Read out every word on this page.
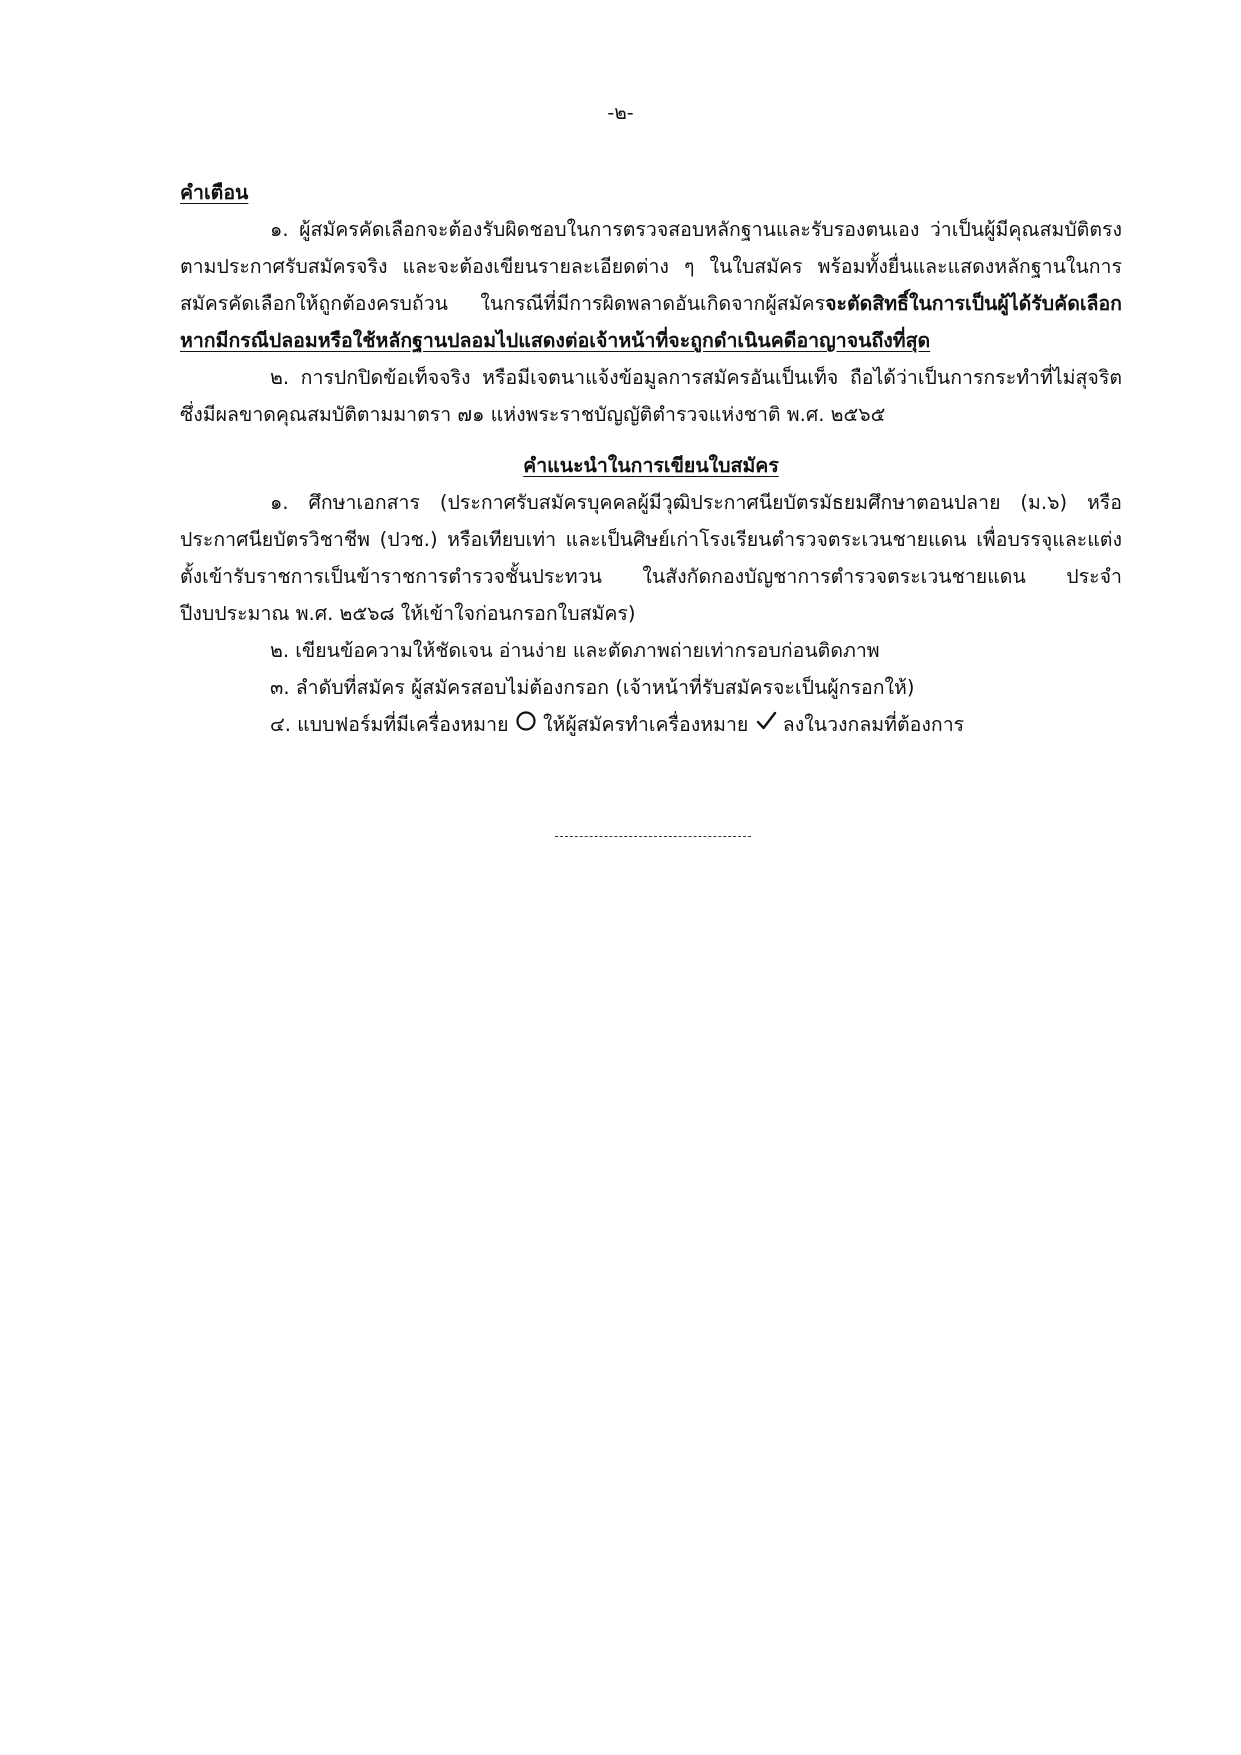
-๒-

คำเตือน

๑. ผู้สมัครคัดเลือกจะต้องรับผิดชอบในการตรวจสอบหลักฐานและรับรองตนเอง ว่าเป็นผู้มีคุณสมบัติตรงตามประกาศรับสมัครจริง และจะต้องเขียนรายละเอียดต่าง ๆ ในใบสมัคร พร้อมทั้งยื่นและแสดงหลักฐานในการสมัครคัดเลือกให้ถูกต้องครบถ้วน ในกรณีที่มีการผิดพลาดอันเกิดจากผู้สมัครจะตัดสิทธิ์ในการเป็นผู้ได้รับคัดเลือก หากมีกรณีปลอมหรือใช้หลักฐานปลอมไปแสดงต่อเจ้าหน้าที่จะถูกดำเนินคดีอาญาจนถึงที่สุด

๒. การปกปิดข้อเท็จจริง หรือมีเจตนาแจ้งข้อมูลการสมัครอันเป็นเท็จ ถือได้ว่าเป็นการกระทำที่ไม่สุจริต ซึ่งมีผลขาดคุณสมบัติตามมาตรา ๗๑ แห่งพระราชบัญญัติตำรวจแห่งชาติ พ.ศ. ๒๕๖๕

คำแนะนำในการเขียนใบสมัคร

๑. ศึกษาเอกสาร (ประกาศรับสมัครบุคคลผู้มีวุฒิประกาศนียบัตรมัธยมศึกษาตอนปลาย (ม.๖) หรือประกาศนียบัตรวิชาชีพ (ปวช.) หรือเทียบเท่า และเป็นศิษย์เก่าโรงเรียนตำรวจตระเวนชายแดน เพื่อบรรจุและแต่งตั้งเข้ารับราชการเป็นข้าราชการตำรวจชั้นประทวน ในสังกัดกองบัญชาการตำรวจตระเวนชายแดน ประจำปีงบประมาณ พ.ศ. ๒๕๖๘ ให้เข้าใจก่อนกรอกใบสมัคร)

๒. เขียนข้อความให้ชัดเจน อ่านง่าย และตัดภาพถ่ายเท่ากรอบก่อนติดภาพ

๓. ลำดับที่สมัคร ผู้สมัครสอบไม่ต้องกรอก (เจ้าหน้าที่รับสมัครจะเป็นผู้กรอกให้)

๔. แบบฟอร์มที่มีเครื่องหมาย ให้ผู้สมัครทำเครื่องหมาย ลงในวงกลมที่ต้องการ
